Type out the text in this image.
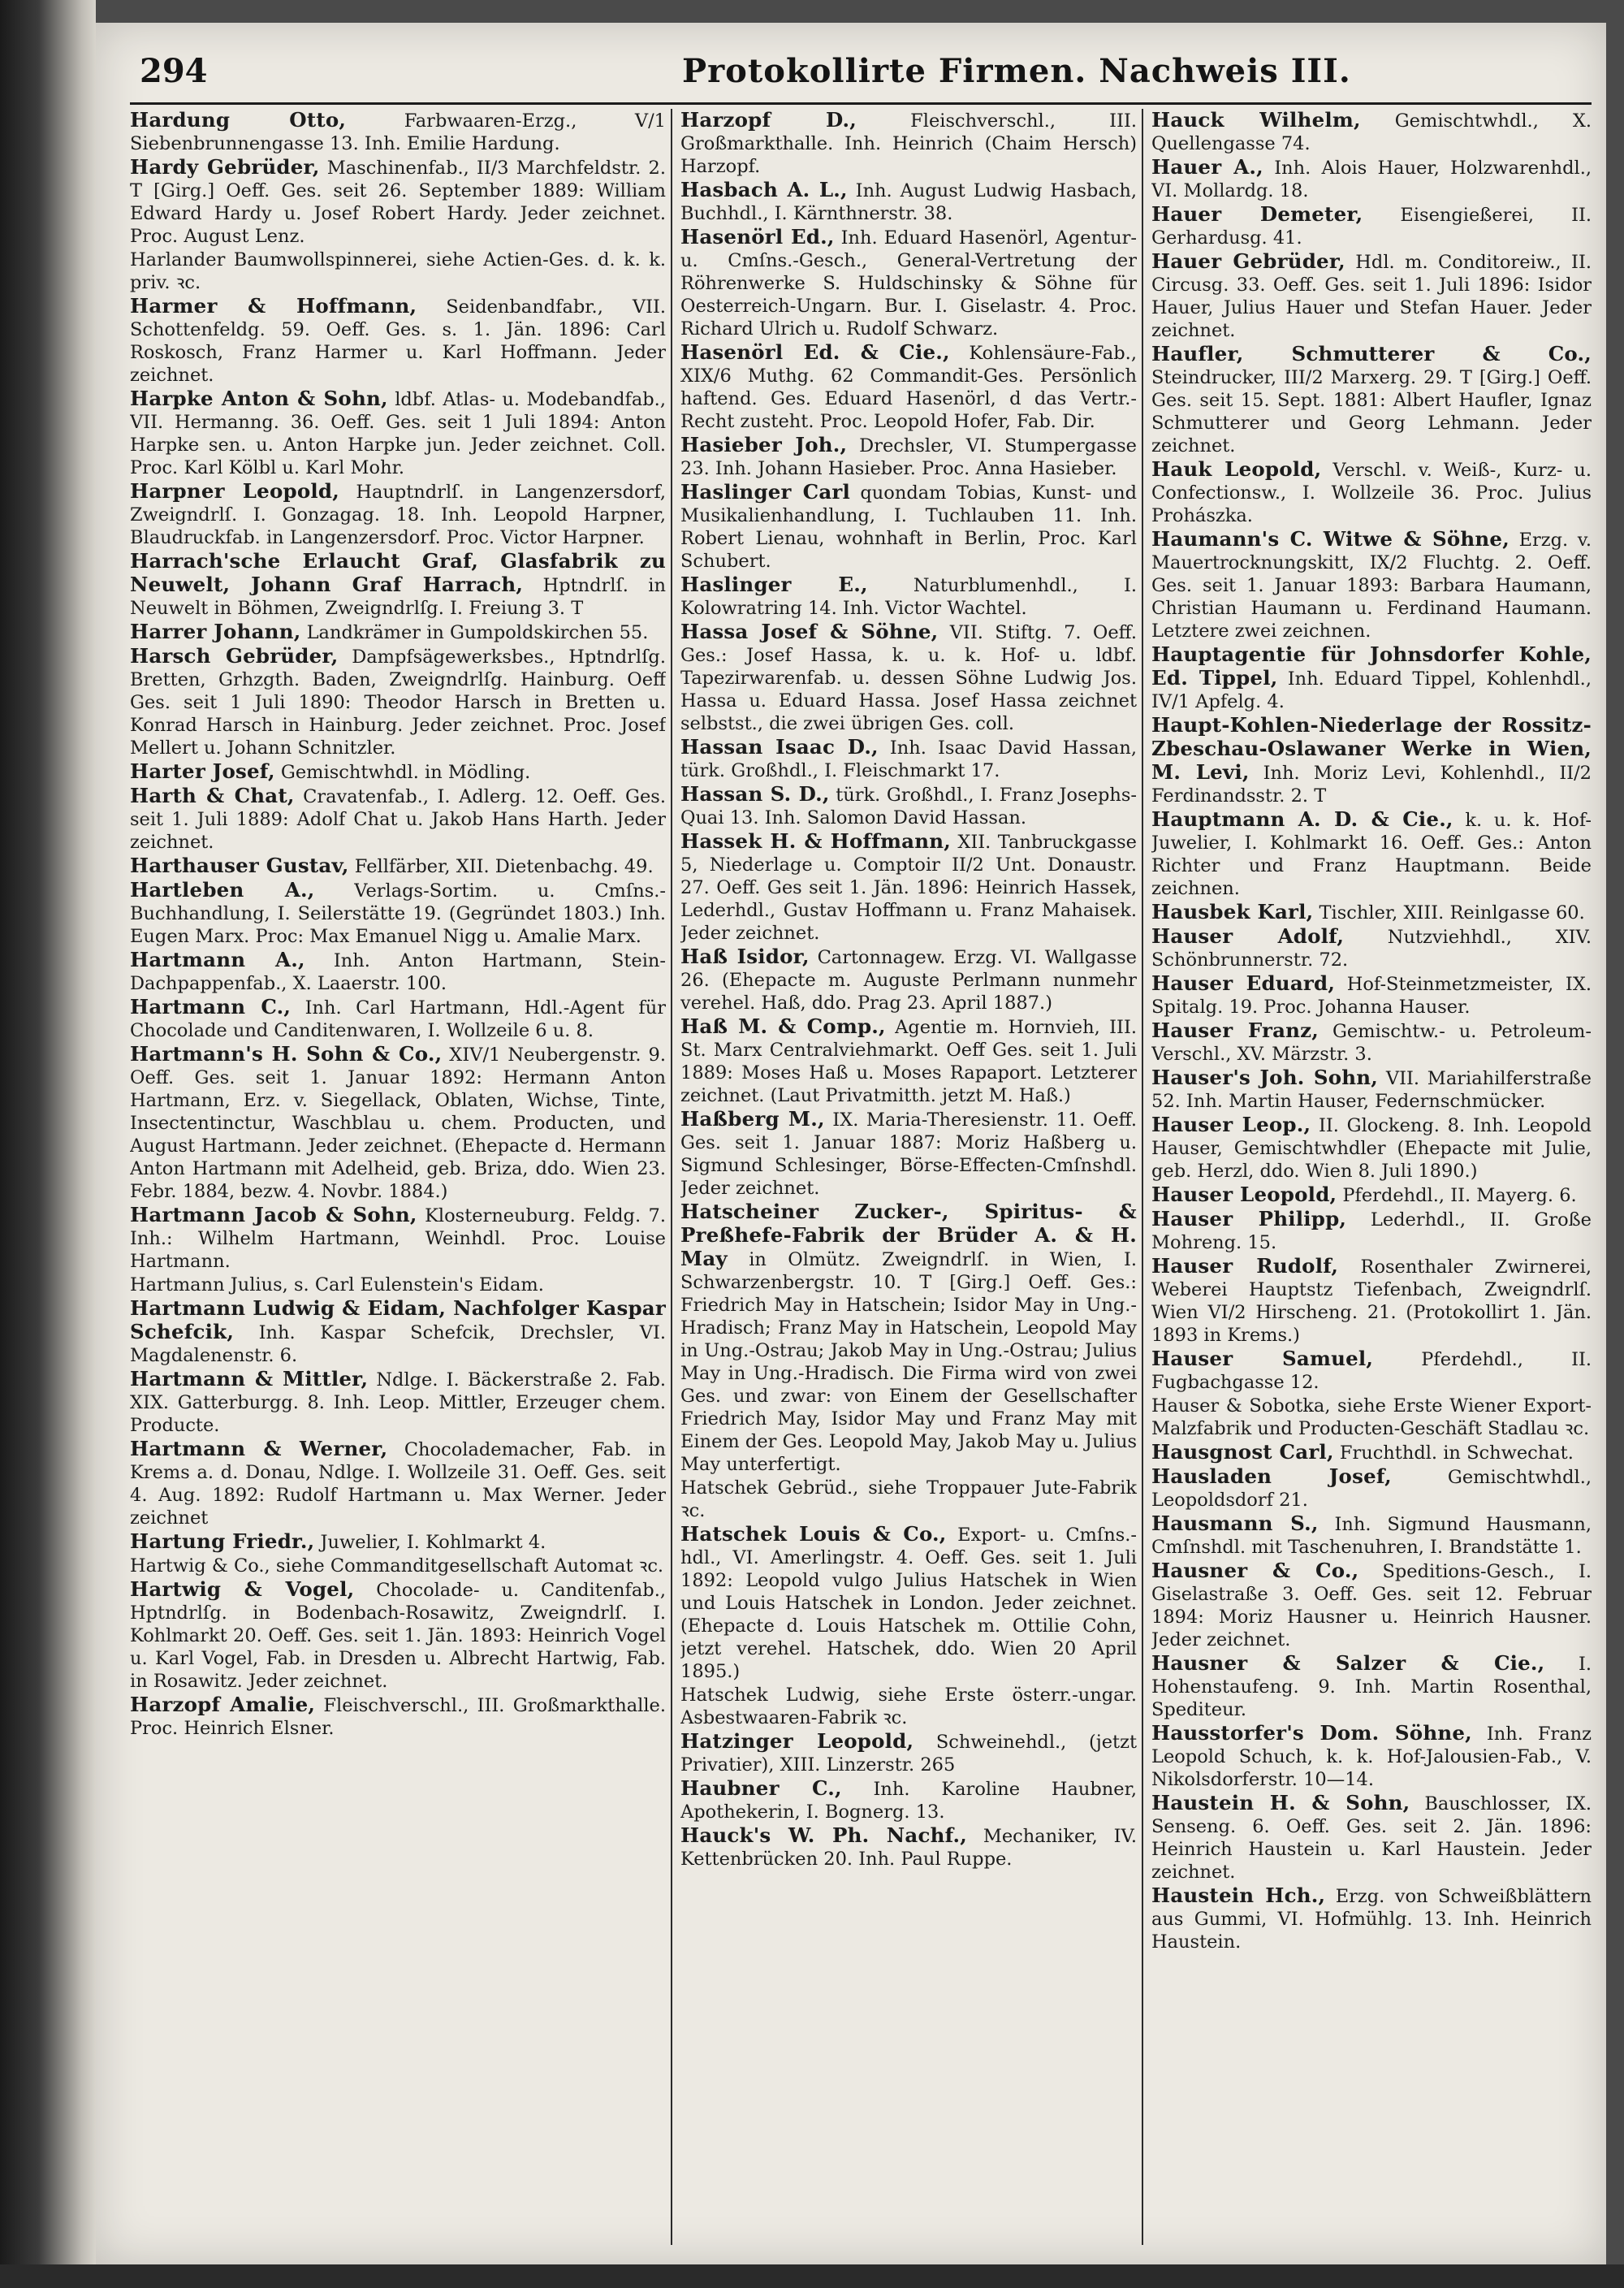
294	Protokollirte Firmen. Nachweis III.
Hardung Otto, Farbwaaren-Erzg., V/1 Siebenbrunnengasse 13. Inh. Emilie Hardung.
Hardy Gebrüder, Maschinenfab., II/3 Marchfeldstr. 2. T [Girg.] Oeff. Ges. seit 26. September 1889: William Edward Hardy u. Josef Robert Hardy. Jeder zeichnet. Proc. August Lenz.
Harlander Baumwollspinnerei, siehe Actien-Ges. d. k. k. priv. ꝛc.
Harmer & Hoffmann, Seidenbandfabr., VII. Schottenfeldg. 59. Oeff. Ges. s. 1. Jän. 1896: Carl Roskosch, Franz Harmer u. Karl Hoffmann. Jeder zeichnet.
Harpke Anton & Sohn, ldbf. Atlas- u. Modebandfab., VII. Hermanng. 36. Oeff. Ges. seit 1 Juli 1894: Anton Harpke sen. u. Anton Harpke jun. Jeder zeichnet. Coll. Proc. Karl Kölbl u. Karl Mohr.
Harpner Leopold, Hauptndrlſ. in Langenzersdorf, Zweigndrlſ. I. Gonzagag. 18. Inh. Leopold Harpner, Blaudruckfab. in Langenzersdorf. Proc. Victor Harpner.
Harrach'sche Erlaucht Graf, Glasfabrik zu Neuwelt, Johann Graf Harrach, Hptndrlſ. in Neuwelt in Böhmen, Zweigndrlſg. I. Freiung 3. T
Harrer Johann, Landkrämer in Gumpoldskirchen 55.
Harsch Gebrüder, Dampfsägewerksbes., Hptndrlſg. Bretten, Grhzgth. Baden, Zweigndrlſg. Hainburg. Oeff Ges. seit 1 Juli 1890: Theodor Harsch in Bretten u. Konrad Harsch in Hainburg. Jeder zeichnet. Proc. Josef Mellert u. Johann Schnitzler.
Harter Josef, Gemischtwhdl. in Mödling.
Harth & Chat, Cravatenfab., I. Adlerg. 12. Oeff. Ges. seit 1. Juli 1889: Adolf Chat u. Jakob Hans Harth. Jeder zeichnet.
Harthauser Gustav, Fellfärber, XII. Dietenbachg. 49.
Hartleben A., Verlags-Sortim. u. Cmſns.-Buchhandlung, I. Seilerstätte 19. (Gegründet 1803.) Inh. Eugen Marx. Proc: Max Emanuel Nigg u. Amalie Marx.
Hartmann A., Inh. Anton Hartmann, Stein-Dachpappenfab., X. Laaerstr. 100.
Hartmann C., Inh. Carl Hartmann, Hdl.-Agent für Chocolade und Canditenwaren, I. Wollzeile 6 u. 8.
Hartmann's H. Sohn & Co., XIV/1 Neubergenstr. 9. Oeff. Ges. seit 1. Januar 1892: Hermann Anton Hartmann, Erz. v. Siegellack, Oblaten, Wichse, Tinte, Insectentinctur, Waschblau u. chem. Producten, und August Hartmann. Jeder zeichnet. (Ehepacte d. Hermann Anton Hartmann mit Adelheid, geb. Briza, ddo. Wien 23. Febr. 1884, bezw. 4. Novbr. 1884.)
Hartmann Jacob & Sohn, Klosterneuburg. Feldg. 7. Inh.: Wilhelm Hartmann, Weinhdl. Proc. Louise Hartmann.
Hartmann Julius, s. Carl Eulenstein's Eidam.
Hartmann Ludwig & Eidam, Nachfolger Kaspar Schefcik, Inh. Kaspar Schefcik, Drechsler, VI. Magdalenenstr. 6.
Hartmann & Mittler, Ndlge. I. Bäckerstraße 2. Fab. XIX. Gatterburgg. 8. Inh. Leop. Mittler, Erzeuger chem. Producte.
Hartmann & Werner, Chocolademacher, Fab. in Krems a. d. Donau, Ndlge. I. Wollzeile 31. Oeff. Ges. seit 4. Aug. 1892: Rudolf Hartmann u. Max Werner. Jeder zeichnet
Hartung Friedr., Juwelier, I. Kohlmarkt 4.
Hartwig & Co., siehe Commanditgesellschaft Automat ꝛc.
Hartwig & Vogel, Chocolade- u. Canditenfab., Hptndrlſg. in Bodenbach-Rosawitz, Zweigndrlſ. I. Kohlmarkt 20. Oeff. Ges. seit 1. Jän. 1893: Heinrich Vogel u. Karl Vogel, Fab. in Dresden u. Albrecht Hartwig, Fab. in Rosawitz. Jeder zeichnet.
Harzopf Amalie, Fleischverschl., III. Großmarkthalle. Proc. Heinrich Elsner.
Harzopf D., Fleischverschl., III. Großmarkthalle. Inh. Heinrich (Chaim Hersch) Harzopf.
Hasbach A. L., Inh. August Ludwig Hasbach, Buchhdl., I. Kärnthnerstr. 38.
Hasenörl Ed., Inh. Eduard Hasenörl, Agentur- u. Cmſns.-Gesch., General-Vertretung der Röhrenwerke S. Huldschinsky & Söhne für Oesterreich-Ungarn. Bur. I. Giselastr. 4. Proc. Richard Ulrich u. Rudolf Schwarz.
Hasenörl Ed. & Cie., Kohlensäure-Fab., XIX/6 Muthg. 62 Commandit-Ges. Persönlich haftend. Ges. Eduard Hasenörl, d das Vertr.-Recht zusteht. Proc. Leopold Hofer, Fab. Dir.
Hasieber Joh., Drechsler, VI. Stumpergasse 23. Inh. Johann Hasieber. Proc. Anna Hasieber.
Haslinger Carl quondam Tobias, Kunst- und Musikalienhandlung, I. Tuchlauben 11. Inh. Robert Lienau, wohnhaft in Berlin, Proc. Karl Schubert.
Haslinger E., Naturblumenhdl., I. Kolowratring 14. Inh. Victor Wachtel.
Hassa Josef & Söhne, VII. Stiftg. 7. Oeff. Ges.: Josef Hassa, k. u. k. Hof- u. ldbf. Tapezirwarenfab. u. dessen Söhne Ludwig Jos. Hassa u. Eduard Hassa. Josef Hassa zeichnet selbstst., die zwei übrigen Ges. coll.
Hassan Isaac D., Inh. Isaac David Hassan, türk. Großhdl., I. Fleischmarkt 17.
Hassan S. D., türk. Großhdl., I. Franz Josephs-Quai 13. Inh. Salomon David Hassan.
Hassek H. & Hoffmann, XII. Tanbruckgasse 5, Niederlage u. Comptoir II/2 Unt. Donaustr. 27. Oeff. Ges seit 1. Jän. 1896: Heinrich Hassek, Lederhdl., Gustav Hoffmann u. Franz Mahaisek. Jeder zeichnet.
Haß Isidor, Cartonnagew. Erzg. VI. Wallgasse 26. (Ehepacte m. Auguste Perlmann nunmehr verehel. Haß, ddo. Prag 23. April 1887.)
Haß M. & Comp., Agentie m. Hornvieh, III. St. Marx Centralviehmarkt. Oeff Ges. seit 1. Juli 1889: Moses Haß u. Moses Rapaport. Letzterer zeichnet. (Laut Privatmitth. jetzt M. Haß.)
Haßberg M., IX. Maria-Theresienstr. 11. Oeff. Ges. seit 1. Januar 1887: Moriz Haßberg u. Sigmund Schlesinger, Börse-Effecten-Cmſnshdl. Jeder zeichnet.
Hatscheiner Zucker-, Spiritus- & Preßhefe-Fabrik der Brüder A. & H. May in Olmütz. Zweigndrlſ. in Wien, I. Schwarzenbergstr. 10. T [Girg.] Oeff. Ges.: Friedrich May in Hatschein; Isidor May in Ung.-Hradisch; Franz May in Hatschein, Leopold May in Ung.-Ostrau; Jakob May in Ung.-Ostrau; Julius May in Ung.-Hradisch. Die Firma wird von zwei Ges. und zwar: von Einem der Gesellschafter Friedrich May, Isidor May und Franz May mit Einem der Ges. Leopold May, Jakob May u. Julius May unterfertigt.
Hatschek Gebrüd., siehe Troppauer Jute-Fabrik ꝛc.
Hatschek Louis & Co., Export- u. Cmſns.-hdl., VI. Amerlingstr. 4. Oeff. Ges. seit 1. Juli 1892: Leopold vulgo Julius Hatschek in Wien und Louis Hatschek in London. Jeder zeichnet. (Ehepacte d. Louis Hatschek m. Ottilie Cohn, jetzt verehel. Hatschek, ddo. Wien 20 April 1895.)
Hatschek Ludwig, siehe Erste österr.-ungar. Asbestwaaren-Fabrik ꝛc.
Hatzinger Leopold, Schweinehdl., (jetzt Privatier), XIII. Linzerstr. 265
Haubner C., Inh. Karoline Haubner, Apothekerin, I. Bognerg. 13.
Hauck's W. Ph. Nachf., Mechaniker, IV. Kettenbrücken 20. Inh. Paul Ruppe.
Hauck Wilhelm, Gemischtwhdl., X. Quellengasse 74.
Hauer A., Inh. Alois Hauer, Holzwarenhdl., VI. Mollardg. 18.
Hauer Demeter, Eisengießerei, II. Gerhardusg. 41.
Hauer Gebrüder, Hdl. m. Conditoreiw., II. Circusg. 33. Oeff. Ges. seit 1. Juli 1896: Isidor Hauer, Julius Hauer und Stefan Hauer. Jeder zeichnet.
Haufler, Schmutterer & Co., Steindrucker, III/2 Marxerg. 29. T [Girg.] Oeff. Ges. seit 15. Sept. 1881: Albert Haufler, Ignaz Schmutterer und Georg Lehmann. Jeder zeichnet.
Hauk Leopold, Verschl. v. Weiß-, Kurz- u. Confectionsw., I. Wollzeile 36. Proc. Julius Prohászka.
Haumann's C. Witwe & Söhne, Erzg. v. Mauertrocknungskitt, IX/2 Fluchtg. 2. Oeff. Ges. seit 1. Januar 1893: Barbara Haumann, Christian Haumann u. Ferdinand Haumann. Letztere zwei zeichnen.
Hauptagentie für Johnsdorfer Kohle, Ed. Tippel, Inh. Eduard Tippel, Kohlenhdl., IV/1 Apfelg. 4.
Haupt-Kohlen-Niederlage der Rossitz-Zbeschau-Oslawaner Werke in Wien, M. Levi, Inh. Moriz Levi, Kohlenhdl., II/2 Ferdinandsstr. 2. T
Hauptmann A. D. & Cie., k. u. k. Hof-Juwelier, I. Kohlmarkt 16. Oeff. Ges.: Anton Richter und Franz Hauptmann. Beide zeichnen.
Hausbek Karl, Tischler, XIII. Reinlgasse 60.
Hauser Adolf, Nutzviehhdl., XIV. Schönbrunnerstr. 72.
Hauser Eduard, Hof-Steinmetzmeister, IX. Spitalg. 19. Proc. Johanna Hauser.
Hauser Franz, Gemischtw.- u. Petroleum-Verschl., XV. Märzstr. 3.
Hauser's Joh. Sohn, VII. Mariahilferstraße 52. Inh. Martin Hauser, Federnschmücker.
Hauser Leop., II. Glockeng. 8. Inh. Leopold Hauser, Gemischtwhdler (Ehepacte mit Julie, geb. Herzl, ddo. Wien 8. Juli 1890.)
Hauser Leopold, Pferdehdl., II. Mayerg. 6.
Hauser Philipp, Lederhdl., II. Große Mohreng. 15.
Hauser Rudolf, Rosenthaler Zwirnerei, Weberei Hauptstz Tiefenbach, Zweigndrlſ. Wien VI/2 Hirscheng. 21. (Protokollirt 1. Jän. 1893 in Krems.)
Hauser Samuel, Pferdehdl., II. Fugbachgasse 12.
Hauser & Sobotka, siehe Erste Wiener Export-Malzfabrik und Producten-Geschäft Stadlau ꝛc.
Hausgnost Carl, Fruchthdl. in Schwechat.
Hausladen Josef, Gemischtwhdl., Leopoldsdorf 21.
Hausmann S., Inh. Sigmund Hausmann, Cmſnshdl. mit Taschenuhren, I. Brandstätte 1.
Hausner & Co., Speditions-Gesch., I. Giselastraße 3. Oeff. Ges. seit 12. Februar 1894: Moriz Hausner u. Heinrich Hausner. Jeder zeichnet.
Hausner & Salzer & Cie., I. Hohenstaufeng. 9. Inh. Martin Rosenthal, Spediteur.
Hausstorfer's Dom. Söhne, Inh. Franz Leopold Schuch, k. k. Hof-Jalousien-Fab., V. Nikolsdorferstr. 10—14.
Haustein H. & Sohn, Bauschlosser, IX. Senseng. 6. Oeff. Ges. seit 2. Jän. 1896: Heinrich Haustein u. Karl Haustein. Jeder zeichnet.
Haustein Hch., Erzg. von Schweißblättern aus Gummi, VI. Hofmühlg. 13. Inh. Heinrich Haustein.
